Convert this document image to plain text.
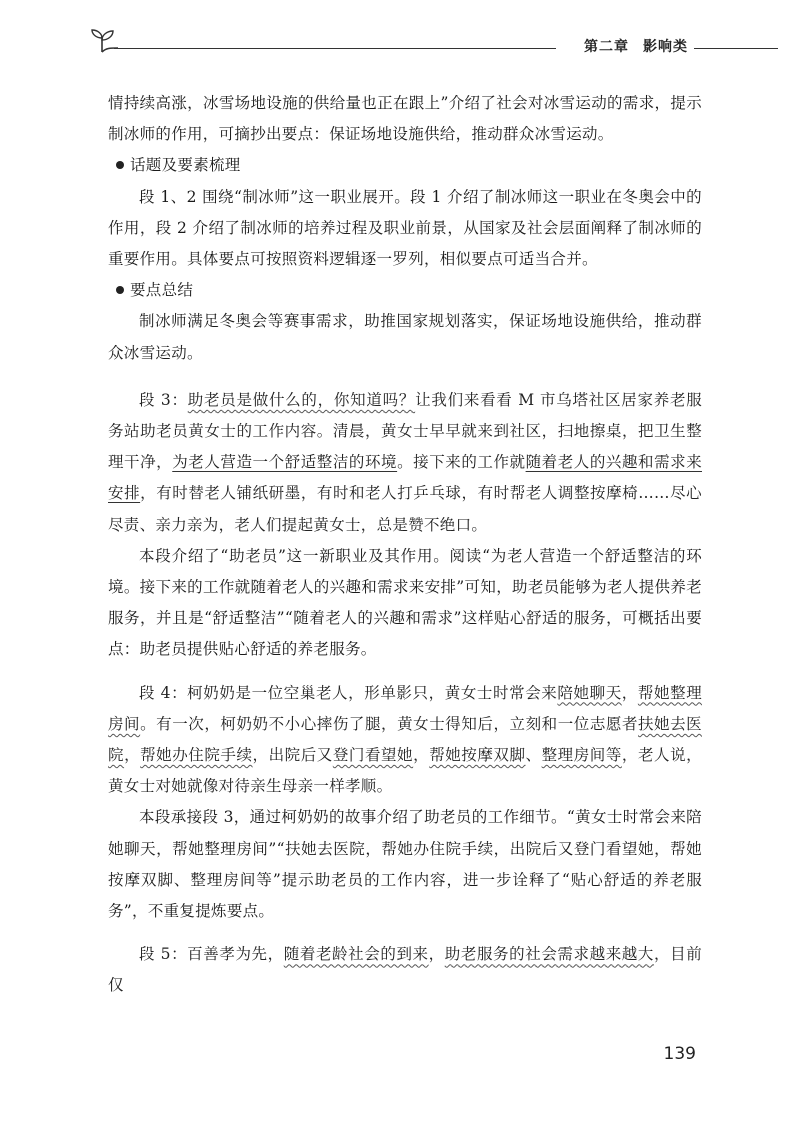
第二章 影响类

情持续高涨，冰雪场地设施的供给量也正在跟上”介绍了社会对冰雪运动的需求，提示制冰师的作用，可摘抄出要点：保证场地设施供给，推动群众冰雪运动。

话题及要素梳理

段 1、2 围绕“制冰师”这一职业展开。段 1 介绍了制冰师这一职业在冬奥会中的作用，段 2 介绍了制冰师的培养过程及职业前景，从国家及社会层面阐释了制冰师的重要作用。具体要点可按照资料逻辑逐一罗列，相似要点可适当合并。

要点总结

制冰师满足冬奥会等赛事需求，助推国家规划落实，保证场地设施供给，推动群众冰雪运动。

段 3：助老员是做什么的，你知道吗？让我们来看看 M 市乌塔社区居家养老服务站助老员黄女士的工作内容。清晨，黄女士早早就来到社区，扫地擦桌，把卫生整理干净，为老人营造一个舒适整洁的环境。接下来的工作就随着老人的兴趣和需求来安排，有时替老人铺纸研墨，有时和老人打乒乓球，有时帮老人调整按摩椅……尽心尽责、亲力亲为，老人们提起黄女士，总是赞不绝口。

本段介绍了“助老员”这一新职业及其作用。阅读“为老人营造一个舒适整洁的环境。接下来的工作就随着老人的兴趣和需求来安排”可知，助老员能够为老人提供养老服务，并且是“舒适整洁”“随着老人的兴趣和需求”这样贴心舒适的服务，可概括出要点：助老员提供贴心舒适的养老服务。

段 4：柯奶奶是一位空巢老人，形单影只，黄女士时常会来陪她聊天，帮她整理房间。有一次，柯奶奶不小心摔伤了腿，黄女士得知后，立刻和一位志愿者扶她去医院，帮她办住院手续，出院后又登门看望她，帮她按摩双脚、整理房间等，老人说，黄女士对她就像对待亲生母亲一样孝顺。

本段承接段 3，通过柯奶奶的故事介绍了助老员的工作细节。“黄女士时常会来陪她聊天，帮她整理房间”“扶她去医院，帮她办住院手续，出院后又登门看望她，帮她按摩双脚、整理房间等”提示助老员的工作内容，进一步诠释了“贴心舒适的养老服务”，不重复提炼要点。

段 5：百善孝为先，随着老龄社会的到来，助老服务的社会需求越来越大，目前仅

139
